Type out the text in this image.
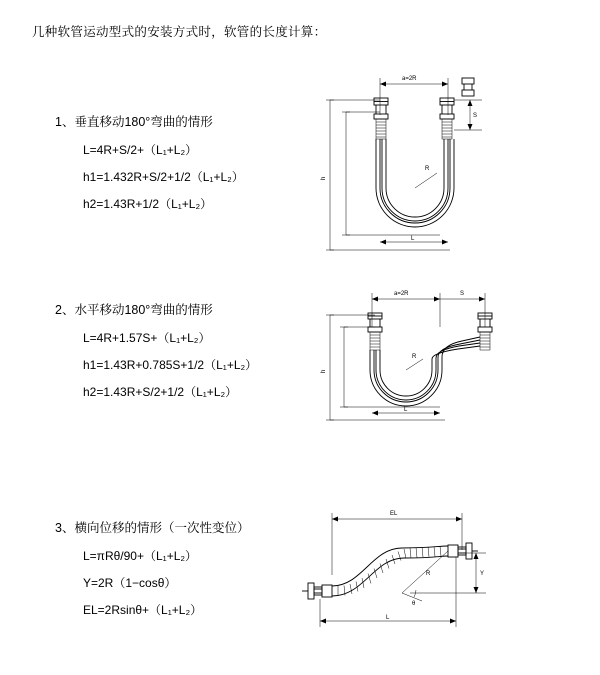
几种软管运动型式的安装方式时，软管的长度计算：
1、垂直移动180°弯曲的情形
L=4R+S/2+（L₁+L₂）
h1=1.432R+S/2+1/2（L₁+L₂）
h2=1.43R+1/2（L₁+L₂）
h
a=2R
R
L
S
2、水平移动180°弯曲的情形
L=4R+1.57S+（L₁+L₂）
h1=1.43R+0.785S+1/2（L₁+L₂）
h2=1.43R+S/2+1/2（L₁+L₂）
h
a=2R	S
R
L
3、横向位移的情形（一次性变位）
L=πRθ/90+（L₁+L₂）
Y=2R（1−cosθ）
EL=2Rsinθ+（L₁+L₂）
EL
Y
R
θ
L
